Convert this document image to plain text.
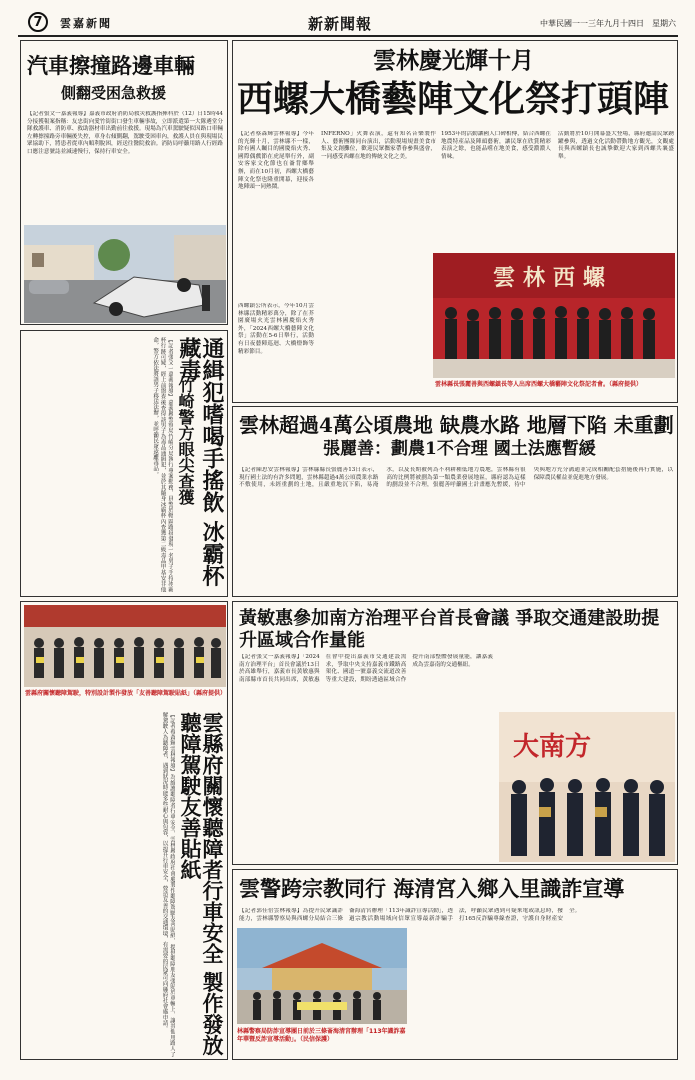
7	雲嘉新聞	新新聞報	中華民國一一三年九月十四日　星期六
汽車擦撞路邊車輛
側翻受困急救援
【記者張文一嘉義報導】嘉義市政府消防局救災救護指揮科於（12）日15時44分接獲報案指稱：友忠街向愛竹街街口發生車輛事故，立即派遣第一大隊遴堂分隊救護車、消防車、救助器材車出勤前往救援。現場為汽車駕駛疑似因路口車輛左轉擦撞路旁車輛後失控，車身右傾側翻，駕駛受困車內，救護人員在與現場民眾協助下，將患者從車內順利脫困，經送往醫院救治。消防局呼籲用路人行經路口應注意號誌並減速慢行，保持行車安全。
通緝犯嗜喝手搖飲 冰霸杯藏毒
竹崎警方眼尖查獲
【記者張文一嘉義報導】嘉義縣警察局竹崎分局執行專案勤務，員警於轄區路段發現一名男子手持冰霸杯行跡可疑，經上前盤查後查得該男子為毒品通緝犯，並於其隨身冰霸杯內查獲第二級毒品甲基安非他命，警方依法將該男子移送法辦，並呼籲民眾遠離毒品。
雲林慶光輝十月
西螺大橋藝陣文化祭打頭陣
【記者蔡森輝雲林報導】今年的光輝十月，雲林縣不一樣，除有國人矚目的國慶焰火秀、國際偶戲節在虎尾舉行外，副安客家文化節也在崙背鄉舉辦，而在10月初，西螺大橋藝陣文化祭也隆重開幕，迎接各地陣頭一同熱鬧。
西螺鎮公所表示，今年10月雲林縣活動精彩萬分，除了在芥園廣場火光雲林國慶焰火秀外，「2024西螺大橋藝陣文化祭」活動在5-6日舉行，活動有日夜藝陣巡迴、大橋燈飾等精彩節目。
INFERNO」火舞表演，還有知名音樂製作人、藝術團隊同台演出，活動現場規畫美食市集及文創攤位，歡迎民眾攜家帶眷參與盛會，一同感受西螺在地的傳統文化之美。
1953年的活動讓國人口碑相傳，結合西螺在地農特產品及陣頭藝術，讓民眾在欣賞精彩表演之餘，也能品嚐在地美食，感受濃濃人情味。
活動將於10月開幕盛大登場，縣府邀請民眾踴躍參與，透過文化活動帶動地方觀光，文觀處長與西螺鎮長也誠摯歡迎大家到西螺共襄盛舉。
雲林西螺
雲林縣長張麗善與西螺鎮長等人出席西螺大橋藝陣文化祭記者會。（縣府提供）
雲林超過4萬公頃農地 缺農水路 地層下陷 未重劃
張麗善：劃農1不合理 國土法應暫緩
【記者陳思安雲林報導】雲林縣縣長張麗善13日表示，現行國土法的有許多問題，雲林縣超過4萬公頃農業水路不敷使用，未經重劃的土地，且嚴重地沉下陷，易淹水，以及長期被列為不利耕種低地力農地，雲林縣有很高的比例將被劃為第一類農業發展地區，縣府認為這樣的劃設並不合理，張麗善呼籲國土計畫應先暫緩，待中央與地方充分溝通並完成相關配套措施後再行實施，以保障農民權益並促進地方發展。
雲縣府關懷聽障駕駛，特別設計製作發放「友善聽障駕駛貼紙」（縣府提供）
雲縣府關懷聽障者行車安全 製作發放聽障駕駛友善貼紙
【記者蔡森輝雲林報導】為維護聽障者行車安全，雲林縣政府社會處製作聽障駕駛友善貼紙，提供聽障朋友張貼於車輛上，讓其他用路人了解駕駛人為聽障者，遇到狀況時能多些耐心與包容，以提升行車安全，營造友善的交通環境，有需要的民眾可向縣府社會處申請。
黃敏惠參加南方治理平台首長會議 爭取交通建設助提升區域合作量能
【記者張文一嘉義報導】「2024南方治理平台」首長會議於13日於高雄舉行，嘉義市長黃敏惠與南部縣市首長共同出席，黃敏惠在會中提出嘉義市交通建設需求，爭取中央支持嘉義市鐵路高架化、國道一號嘉義交流道改善等重大建設，期盼透過區域合作提升南部整體發展量能，讓嘉義成為雲嘉南的交通樞紐。
大南方
雲警跨宗教同行 海清宮入鄉入里識詐宣導
【記者郭佳倍雲林報導】為提升民眾識詐能力，雲林縣警察局與西螺分局結合三條崙海清宮辦理「113年識詐宣導活動」，透過宗教活動場域向信眾宣導最新詐騙手法，呼籲民眾遇到可疑來電或訊息時，撥打165反詐騙專線查證，守護自身財產安全。
林縣警察局防詐宣導團日前於三條崙海清宮辦理「113年識詐嘉年華暨反詐宣導活動」。（民信保護）
